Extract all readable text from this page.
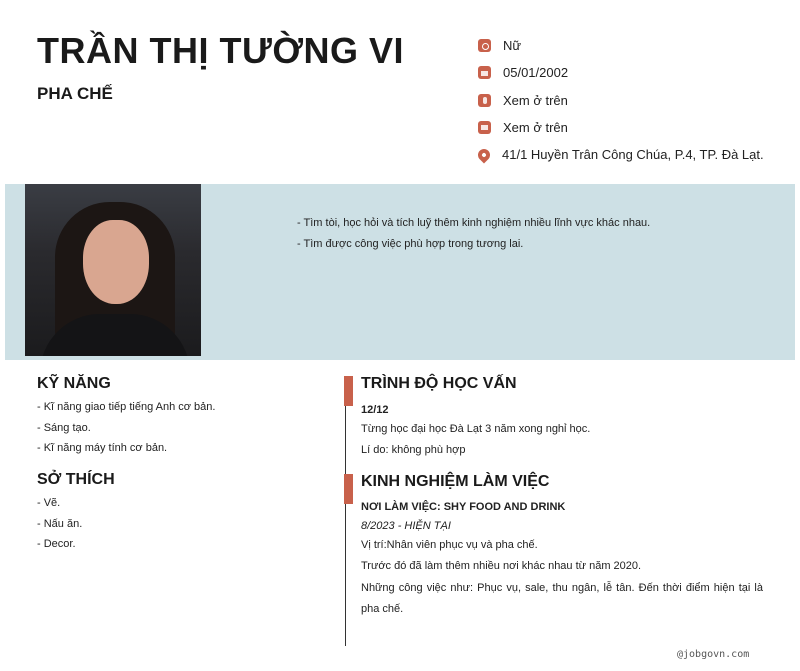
TRẦN THỊ TƯỜNG VI
PHA CHẾ
Nữ
05/01/2002
Xem ở trên
Xem ở trên
41/1 Huyền Trân Công Chúa, P.4, TP. Đà Lạt.
- Tìm tòi, học hỏi và tích luỹ thêm kinh nghiệm nhiều lĩnh vực khác nhau.
- Tìm được công việc phù hợp trong tương lai.
KỸ NĂNG
- Kĩ năng giao tiếp tiếng Anh cơ bản.
- Sáng tạo.
- Kĩ năng máy tính cơ bản.
SỞ THÍCH
- Vẽ.
- Nấu ăn.
- Decor.
TRÌNH ĐỘ HỌC VẤN
12/12
Từng học đại học Đà Lạt 3 năm xong nghỉ học.
Lí do: không phù hợp
KINH NGHIỆM LÀM VIỆC
NƠI LÀM VIỆC: SHY FOOD AND DRINK
8/2023 - HIỆN TẠI
Vị trí:Nhân viên phục vụ và pha chế.
Trước đó đã làm thêm nhiều nơi khác nhau từ năm 2020.
Những công việc như: Phục vụ, sale, thu ngân, lễ tân. Đến thời điểm hiện tại là pha chế.
@jobgovn.com
